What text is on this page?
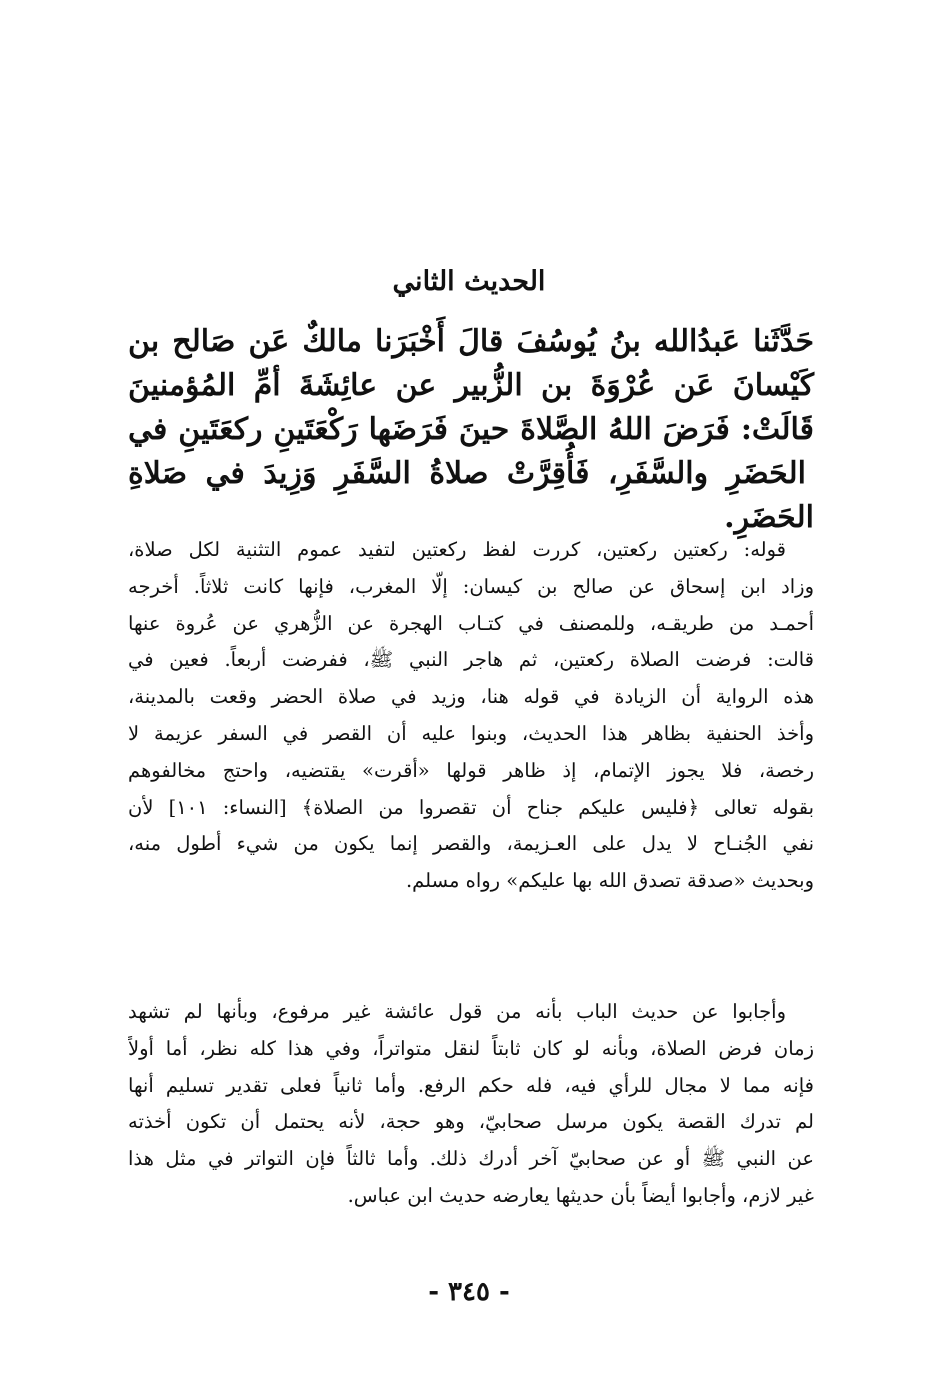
الحديث الثاني
حَدَّثَنا عَبدُالله بنُ يُوسُفَ قالَ أَخْبَرَنا مالكٌ عَن صَالح بن كَيْسانَ عَن عُرْوَةَ بن الزُّبير عن عائِشَةَ أمِّ المُؤمنينَ قَالَتْ: فَرَضَ اللهُ الصَّلاةَ حينَ فَرَضَها رَكْعَتَينِ ركعَتَينِ في الحَضَرِ والسَّفَرِ، فَأُقِرَّتْ صلاةُ السَّفَرِ وَزِيدَ في صَلاةِ الحَضَرِ.
قوله: ركعتين ركعتين، كررت لفظ ركعتين لتفيد عموم التثنية لكل صلاة،
وزاد ابن إسحاق عن صالح بن كيسان: إلّا المغرب، فإنها كانت ثلاثاً. أخرجه
أحمـد من طريقـه، وللمصنف في كتـاب الهجرة عن الزُّهري عن عُروة عنها
قالت: فرضت الصلاة ركعتين، ثم هاجر النبي ﷺ، ففرضت أربعاً. فعين في
هذه الرواية أن الزيادة في قوله هنا، وزيد في صلاة الحضر وقعت بالمدينة،
وأخذ الحنفية بظاهر هذا الحديث، وبنوا عليه أن القصر في السفر عزيمة لا
رخصة، فلا يجوز الإتمام، إذ ظاهر قولها «أقرت» يقتضيه، واحتج مخالفوهم
بقوله تعالى ﴿فليس عليكم جناح أن تقصروا من الصلاة﴾ [النساء: ١٠١] لأن
نفي الجُنـاح لا يدل على العـزيمة، والقصر إنما يكون من شيء أطول منه،
وبحديث «صدقة تصدق الله بها عليكم» رواه مسلم.
وأجابوا عن حديث الباب بأنه من قول عائشة غير مرفوع، وبأنها لم تشهد
زمان فرض الصلاة، وبأنه لو كان ثابتاً لنقل متواتراً، وفي هذا كله نظر، أما أولاً
فإنه مما لا مجال للرأي فيه، فله حكم الرفع. وأما ثانياً فعلى تقدير تسليم أنها
لم تدرك القصة يكون مرسل صحابيّ، وهو حجة، لأنه يحتمل أن تكون أخذته
عن النبي ﷺ أو عن صحابيّ آخر أدرك ذلك. وأما ثالثاً فإن التواتر في مثل هذا
غير لازم، وأجابوا أيضاً بأن حديثها يعارضه حديث ابن عباس.
- ٣٤٥ -
